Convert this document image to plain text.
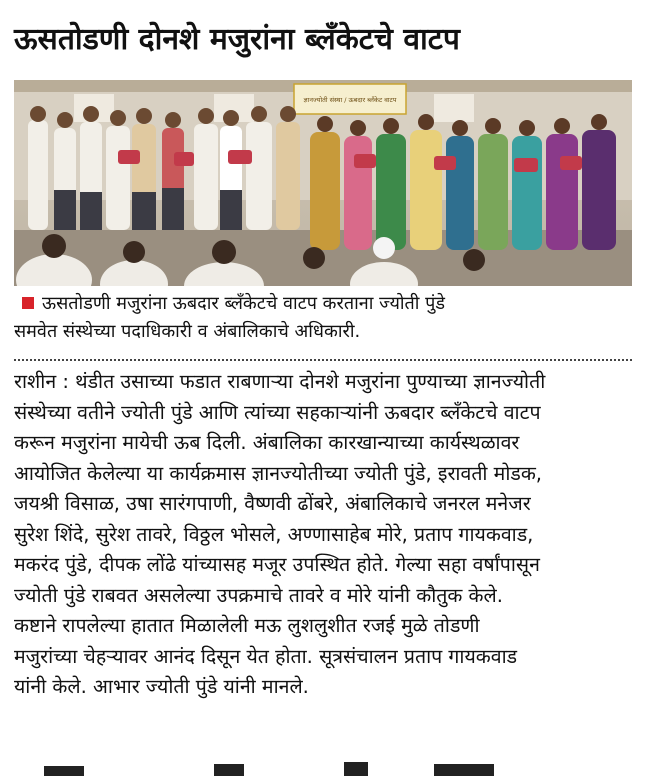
ऊसतोडणी दोनशे मजुरांना ब्लँकेटचे वाटप
ज्ञानज्योती संस्था / ऊबदार ब्लँकेट वाटप
ऊसतोडणी मजुरांना ऊबदार ब्लँकेटचे वाटप करताना ज्योती पुंडे
समवेत संस्थेच्या पदाधिकारी व अंबालिकाचे अधिकारी.
राशीन : थंडीत उसाच्या फडात राबणाऱ्या दोनशे मजुरांना पुण्याच्या ज्ञानज्योती
संस्थेच्या वतीने ज्योती पुंडे आणि त्यांच्या सहकाऱ्यांनी ऊबदार ब्लँकेटचे वाटप
करून मजुरांना मायेची ऊब दिली. अंबालिका कारखान्याच्या कार्यस्थळावर
आयोजित केलेल्या या कार्यक्रमास ज्ञानज्योतीच्या ज्योती पुंडे, इरावती मोडक,
जयश्री विसाळ, उषा सारंगपाणी, वैष्णवी ढोंबरे, अंबालिकाचे जनरल मनेजर
सुरेश शिंदे, सुरेश तावरे, विठ्ठल भोसले, अण्णासाहेब मोरे, प्रताप गायकवाड,
मकरंद पुंडे, दीपक लोंढे यांच्यासह मजूर उपस्थित होते. गेल्या सहा वर्षांपासून
ज्योती पुंडे राबवत असलेल्या उपक्रमाचे तावरे व मोरे यांनी कौतुक केले.
कष्टाने रापलेल्या हातात मिळालेली मऊ लुशलुशीत रजई मुळे तोडणी
मजुरांच्या चेहऱ्यावर आनंद दिसून येत होता. सूत्रसंचालन प्रताप गायकवाड
यांनी केले. आभार ज्योती पुंडे यांनी मानले.
